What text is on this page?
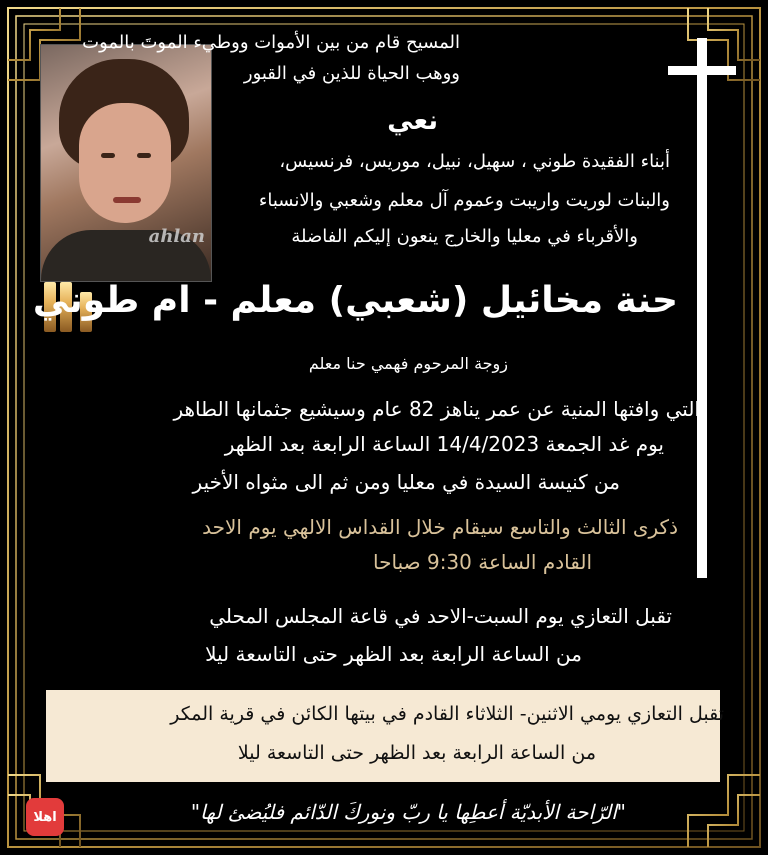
ahlan
المسيح قام من بين الأموات ووطيء الموتَ بالموت
ووهب الحياة للذين في القبور
نعي
أبناء الفقيدة طوني ، سهيل، نبيل، موريس، فرنسيس،
والبنات لوريت واريبت وعموم آل معلم وشعبي والانسباء
والأقرباء في معليا والخارج ينعون إليكم الفاضلة
حنة مخائيل (شعبي) معلم - ام طوني
زوجة المرحوم فهمي حنا معلم
التي وافتها المنية عن عمر يناهز 82 عام وسيشيع جثمانها الطاهر
يوم غد الجمعة 14/4/2023 الساعة الرابعة بعد الظهر
من كنيسة السيدة في معليا ومن ثم الى مثواه الأخير
ذكرى الثالث والتاسع سيقام خلال القداس الالهي يوم الاحد
القادم الساعة 9:30 صباحا
تقبل التعازي يوم السبت-الاحد في قاعة المجلس المحلي
من الساعة الرابعة بعد الظهر حتى التاسعة ليلا
تقبل التعازي يومي الاثنين- الثلاثاء القادم في بيتها الكائن في قرية المكر
من الساعة الرابعة بعد الظهر حتى التاسعة ليلا
"الرّاحة الأبديّة أعطِها يا ربّ ونوركَ الدّائم فليُضئ لها"
اهلا
